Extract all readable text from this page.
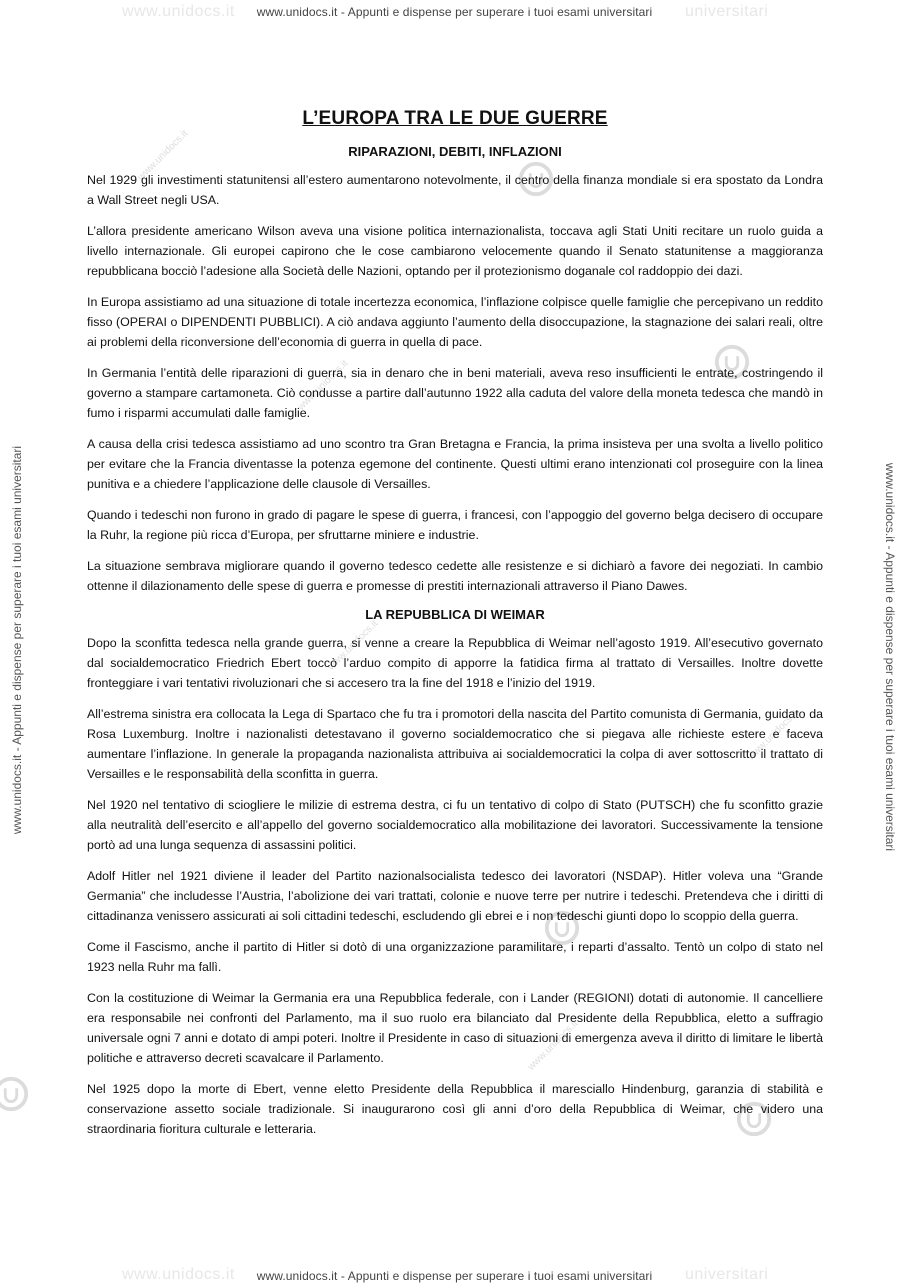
www.unidocs.it	universitari
www.unidocs.it	universitari
www.unidocs.it - Appunti e dispense per superare i tuoi esami universitari
www.unidocs.it - Appunti e dispense per superare i tuoi esami universitari
www.unidocs.it - Appunti e dispense per superare i tuoi esami universitari	www.unidocs.it - Appunti e dispense per superare i tuoi esami universitari
www.unidocs.it
www.unidocs.it
www.unidocs.it
www.unidocs.it
www.unidocs.it
L’EUROPA TRA LE DUE GUERRE
RIPARAZIONI, DEBITI, INFLAZIONI

Nel 1929 gli investimenti statunitensi all’estero aumentarono notevolmente, il centro della finanza mondiale si era spostato da Londra a Wall Street negli USA.

L’allora presidente americano Wilson aveva una visione politica internazionalista, toccava agli Stati Uniti recitare un ruolo guida a livello internazionale. Gli europei capirono che le cose cambiarono velocemente quando il Senato statunitense a maggioranza repubblicana bocciò l’adesione alla Società delle Nazioni, optando per il protezionismo doganale col raddoppio dei dazi.

In Europa assistiamo ad una situazione di totale incertezza economica, l’inflazione colpisce quelle famiglie che percepivano un reddito fisso (OPERAI o DIPENDENTI PUBBLICI). A ciò andava aggiunto l’aumento della disoccupazione, la stagnazione dei salari reali, oltre ai problemi della riconversione dell’economia di guerra in quella di pace.

In Germania l’entità delle riparazioni di guerra, sia in denaro che in beni materiali, aveva reso insufficienti le entrate, costringendo il governo a stampare cartamoneta. Ciò condusse a partire dall’autunno 1922 alla caduta del valore della moneta tedesca che mandò in fumo i risparmi accumulati dalle famiglie.

A causa della crisi tedesca assistiamo ad uno scontro tra Gran Bretagna e Francia, la prima insisteva per una svolta a livello politico per evitare che la Francia diventasse la potenza egemone del continente. Questi ultimi erano intenzionati col proseguire con la linea punitiva e a chiedere l’applicazione delle clausole di Versailles.

Quando i tedeschi non furono in grado di pagare le spese di guerra, i francesi, con l’appoggio del governo belga decisero di occupare la Ruhr, la regione più ricca d’Europa, per sfruttarne miniere e industrie.

La situazione sembrava migliorare quando il governo tedesco cedette alle resistenze e si dichiarò a favore dei negoziati. In cambio ottenne il dilazionamento delle spese di guerra e promesse di prestiti internazionali attraverso il Piano Dawes.

LA REPUBBLICA DI WEIMAR

Dopo la sconfitta tedesca nella grande guerra, si venne a creare la Repubblica di Weimar nell’agosto 1919. All’esecutivo governato dal socialdemocratico Friedrich Ebert toccò l’arduo compito di apporre la fatidica firma al trattato di Versailles. Inoltre dovette fronteggiare i vari tentativi rivoluzionari che si accesero tra la fine del 1918 e l’inizio del 1919.

All’estrema sinistra era collocata la Lega di Spartaco che fu tra i promotori della nascita del Partito comunista di Germania, guidato da Rosa Luxemburg. Inoltre i nazionalisti detestavano il governo socialdemocratico che si piegava alle richieste estere e faceva aumentare l’inflazione. In generale la propaganda nazionalista attribuiva ai socialdemocratici la colpa di aver sottoscritto il trattato di Versailles e le responsabilità della sconfitta in guerra.

Nel 1920 nel tentativo di sciogliere le milizie di estrema destra, ci fu un tentativo di colpo di Stato (PUTSCH) che fu sconfitto grazie alla neutralità dell’esercito e all’appello del governo socialdemocratico alla mobilitazione dei lavoratori. Successivamente la tensione portò ad una lunga sequenza di assassini politici.

Adolf Hitler nel 1921 diviene il leader del Partito nazionalsocialista tedesco dei lavoratori (NSDAP). Hitler voleva una “Grande Germania” che includesse l’Austria, l’abolizione dei vari trattati, colonie e nuove terre per nutrire i tedeschi. Pretendeva che i diritti di cittadinanza venissero assicurati ai soli cittadini tedeschi, escludendo gli ebrei e i non tedeschi giunti dopo lo scoppio della guerra.

Come il Fascismo, anche il partito di Hitler si dotò di una organizzazione paramilitare, i reparti d’assalto. Tentò un colpo di stato nel 1923 nella Ruhr ma fallì.

Con la costituzione di Weimar la Germania era una Repubblica federale, con i Lander (REGIONI) dotati di autonomie. Il cancelliere era responsabile nei confronti del Parlamento, ma il suo ruolo era bilanciato dal Presidente della Repubblica, eletto a suffragio universale ogni 7 anni e dotato di ampi poteri. Inoltre il Presidente in caso di situazioni di emergenza aveva il diritto di limitare le libertà politiche e attraverso decreti scavalcare il Parlamento.

Nel 1925 dopo la morte di Ebert, venne eletto Presidente della Repubblica il maresciallo Hindenburg, garanzia di stabilità e conservazione assetto sociale tradizionale. Si inaugurarono così gli anni d’oro della Repubblica di Weimar, che videro una straordinaria fioritura culturale e letteraria.
